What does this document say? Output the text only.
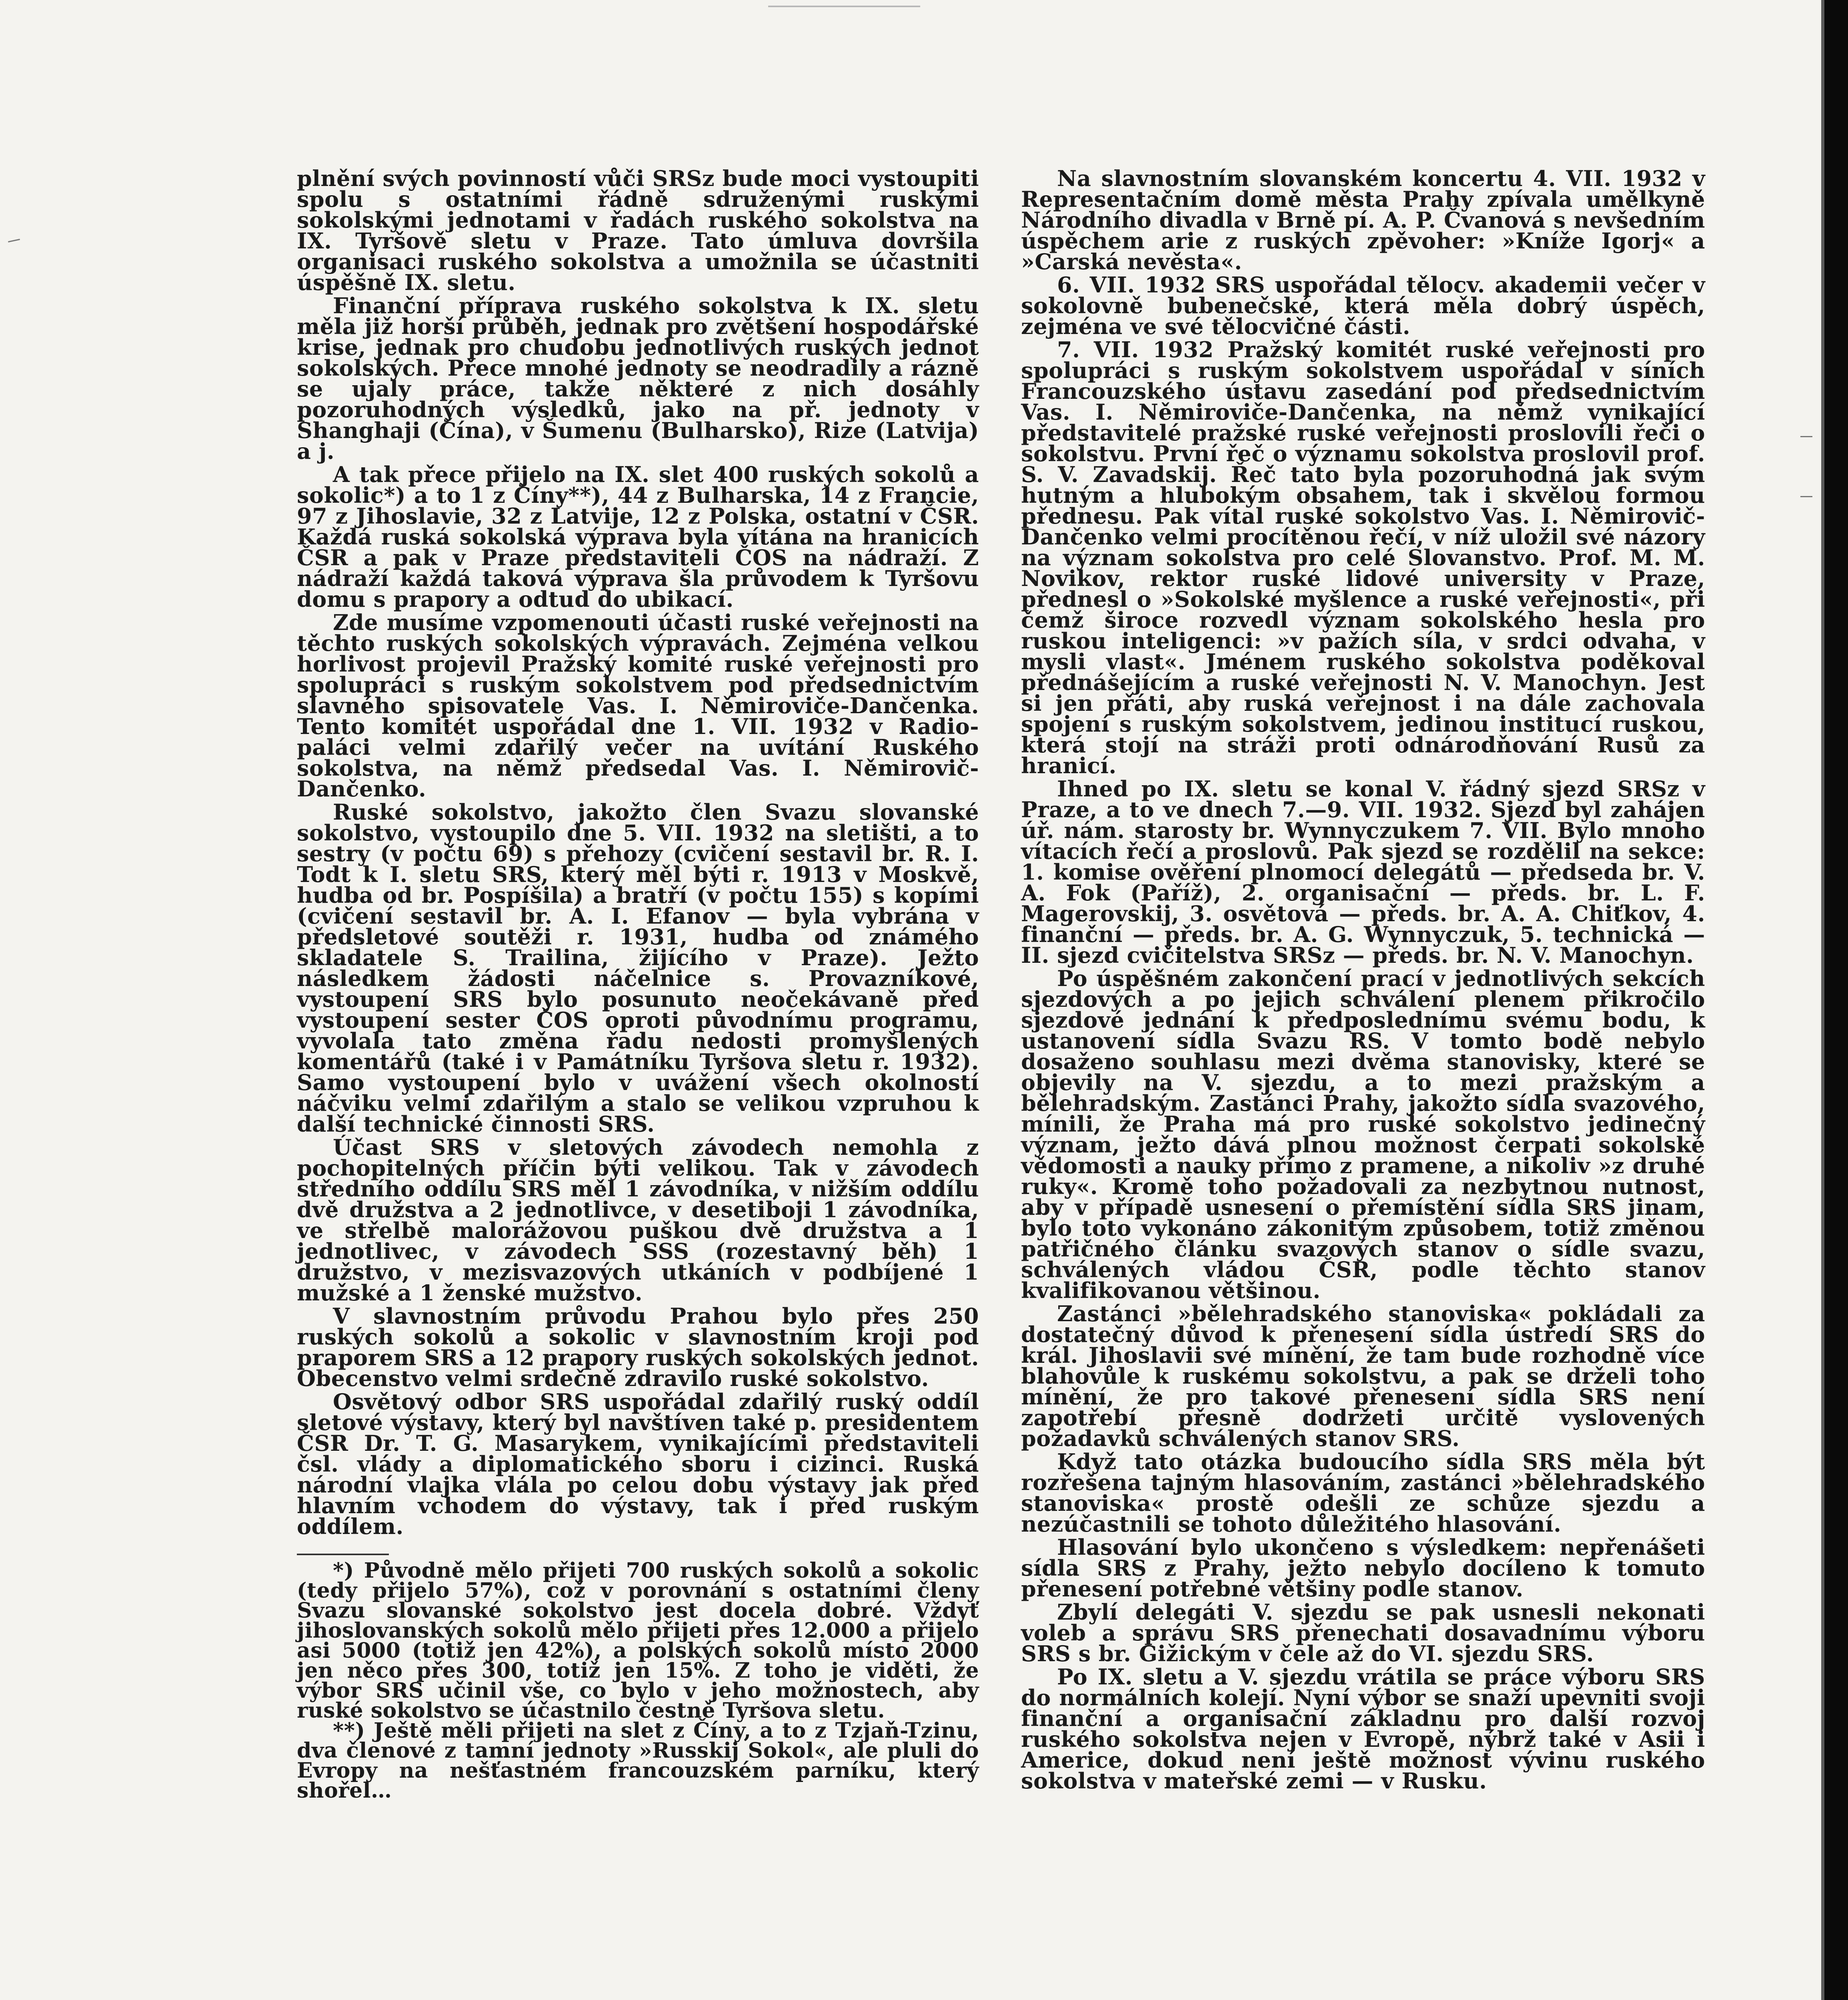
plnění svých povinností vůči SRSz bude moci vystoupiti spolu s ostatními řádně sdruženými ruskými sokolskými jednotami v řadách ruského sokolstva na IX. Tyršově sletu v Praze. Tato úmluva dovršila organisaci ruského sokolstva a umožnila se účastniti úspěšně IX. sletu.

Finanční příprava ruského sokolstva k IX. sletu měla již horší průběh, jednak pro zvětšení hospodářské krise, jednak pro chudobu jednotlivých ruských jednot sokolských. Přece mnohé jednoty se neodradily a rázně se ujaly práce, takže některé z nich dosáhly pozoruhodných výsledků, jako na př. jednoty v Shanghaji (Čína), v Šumenu (Bulharsko), Rize (Latvija) a j.

A tak přece přijelo na IX. slet 400 ruských sokolů a sokolic*) a to 1 z Číny**), 44 z Bulharska, 14 z Francie, 97 z Jihoslavie, 32 z Latvije, 12 z Polska, ostatní v ČSR. Každá ruská sokolská výprava byla vítána na hranicích ČSR a pak v Praze představiteli ČOS na nádraží. Z nádraží každá taková výprava šla průvodem k Tyršovu domu s prapory a odtud do ubikací.

Zde musíme vzpomenouti účasti ruské veřejnosti na těchto ruských sokolských výpravách. Zejména velkou horlivost projevil Pražský komité ruské veřejnosti pro spolupráci s ruským sokolstvem pod předsednictvím slavného spisovatele Vas. I. Němiroviče-Dančenka. Tento komitét uspořádal dne 1. VII. 1932 v Radio-paláci velmi zdařilý večer na uvítání Ruského sokolstva, na němž předsedal Vas. I. Němirovič-Dančenko.

Ruské sokolstvo, jakožto člen Svazu slovanské sokolstvo, vystoupilo dne 5. VII. 1932 na sletišti, a to sestry (v počtu 69) s přehozy (cvičení sestavil br. R. I. Todt k I. sletu SRS, který měl býti r. 1913 v Moskvě, hudba od br. Pospíšila) a bratří (v počtu 155) s kopími (cvičení sestavil br. A. I. Efanov — byla vybrána v předsletové soutěži r. 1931, hudba od známého skladatele S. Trailina, žijícího v Praze). Ježto následkem žádosti náčelnice s. Provazníkové, vystoupení SRS bylo posunuto neočekávaně před vystoupení sester ČOS oproti původnímu programu, vyvolala tato změna řadu nedosti promyšlených komentářů (také i v Památníku Tyršova sletu r. 1932). Samo vystoupení bylo v uvážení všech okolností náčviku velmi zdařilým a stalo se velikou vzpruhou k další technické činnosti SRS.

Účast SRS v sletových závodech nemohla z pochopitelných příčin býti velikou. Tak v závodech středního oddílu SRS měl 1 závodníka, v nižším oddílu dvě družstva a 2 jednotlivce, v desetiboji 1 závodníka, ve střelbě malorážovou puškou dvě družstva a 1 jednotlivec, v závodech SSS (rozestavný běh) 1 družstvo, v mezisvazových utkáních v podbíjené 1 mužské a 1 ženské mužstvo.

V slavnostním průvodu Prahou bylo přes 250 ruských sokolů a sokolic v slavnostním kroji pod praporem SRS a 12 prapory ruských sokolských jednot. Obecenstvo velmi srdečně zdravilo ruské sokolstvo.

Osvětový odbor SRS uspořádal zdařilý ruský oddíl sletové výstavy, který byl navštíven také p. presidentem ČSR Dr. T. G. Masarykem, vynikajícími představiteli čsl. vlády a diplomatického sboru i cizinci. Ruská národní vlajka vlála po celou dobu výstavy jak před hlavním vchodem do výstavy, tak i před ruským oddílem.

*) Původně mělo přijeti 700 ruských sokolů a sokolic (tedy přijelo 57%), což v porovnání s ostatními členy Svazu slovanské sokolstvo jest docela dobré. Vždyť jihoslovanských sokolů mělo přijeti přes 12.000 a přijelo asi 5000 (totiž jen 42%), a polských sokolů místo 2000 jen něco přes 300, totiž jen 15%. Z toho je viděti, že výbor SRS učinil vše, co bylo v jeho možnostech, aby ruské sokolstvo se účastnilo čestně Tyršova sletu.

**) Ještě měli přijeti na slet z Číny, a to z Tzjaň-Tzinu, dva členové z tamní jednoty »Russkij Sokol«, ale pluli do Evropy na nešťastném francouzském parníku, který shořel…

Na slavnostním slovanském koncertu 4. VII. 1932 v Representačním domě města Prahy zpívala umělkyně Národního divadla v Brně pí. A. P. Čvanová s nevšedním úspěchem arie z ruských zpěvoher: »Kníže Igorj« a »Carská nevěsta«.

6. VII. 1932 SRS uspořádal tělocv. akademii večer v sokolovně bubenečské, která měla dobrý úspěch, zejména ve své tělocvičné části.

7. VII. 1932 Pražský komitét ruské veřejnosti pro spolupráci s ruským sokolstvem uspořádal v síních Francouzského ústavu zasedání pod předsednictvím Vas. I. Němiroviče-Dančenka, na němž vynikající představitelé pražské ruské veřejnosti proslovili řeči o sokolstvu. První řeč o významu sokolstva proslovil prof. S. V. Zavadskij. Řeč tato byla pozoruhodná jak svým hutným a hlubokým obsahem, tak i skvělou formou přednesu. Pak vítal ruské sokolstvo Vas. I. Němirovič-Dančenko velmi procítěnou řečí, v níž uložil své názory na význam sokolstva pro celé Slovanstvo. Prof. M. M. Novikov, rektor ruské lidové university v Praze, přednesl o »Sokolské myšlence a ruské veřejnosti«, při čemž široce rozvedl význam sokolského hesla pro ruskou inteligenci: »v pažích síla, v srdci odvaha, v mysli vlast«. Jménem ruského sokolstva poděkoval přednášejícím a ruské veřejnosti N. V. Manochyn. Jest si jen přáti, aby ruská veřejnost i na dále zachovala spojení s ruským sokolstvem, jedinou institucí ruskou, která stojí na stráži proti odnárodňování Rusů za hranicí.

Ihned po IX. sletu se konal V. řádný sjezd SRSz v Praze, a to ve dnech 7.—9. VII. 1932. Sjezd byl zahájen úř. nám. starosty br. Wynnyczukem 7. VII. Bylo mnoho vítacích řečí a proslovů. Pak sjezd se rozdělil na sekce: 1. komise ověření plnomocí delegátů — předseda br. V. A. Fok (Paříž), 2. organisační — předs. br. L. F. Magerovskij, 3. osvětová — předs. br. A. A. Chiťkov, 4. finanční — předs. br. A. G. Wynnyczuk, 5. technická — II. sjezd cvičitelstva SRSz — předs. br. N. V. Manochyn.

Po úspěšném zakončení prací v jednotlivých sekcích sjezdových a po jejich schválení plenem přikročilo sjezdové jednání k předposlednímu svému bodu, k ustanovení sídla Svazu RS. V tomto bodě nebylo dosaženo souhlasu mezi dvěma stanovisky, které se objevily na V. sjezdu, a to mezi pražským a bělehradským. Zastánci Prahy, jakožto sídla svazového, mínili, že Praha má pro ruské sokolstvo jedinečný význam, ježto dává plnou možnost čerpati sokolské vědomosti a nauky přímo z pramene, a nikoliv »z druhé ruky«. Kromě toho požadovali za nezbytnou nutnost, aby v případě usnesení o přemístění sídla SRS jinam, bylo toto vykonáno zákonitým způsobem, totiž změnou patřičného článku svazových stanov o sídle svazu, schválených vládou ČSR, podle těchto stanov kvalifikovanou většinou.

Zastánci »bělehradského stanoviska« pokládali za dostatečný důvod k přenesení sídla ústředí SRS do král. Jihoslavii své mínění, že tam bude rozhodně více blahovůle k ruskému sokolstvu, a pak se drželi toho mínění, že pro takové přenesení sídla SRS není zapotřebí přesně dodržeti určitě vyslovených požadavků schválených stanov SRS.

Když tato otázka budoucího sídla SRS měla být rozřešena tajným hlasováním, zastánci »bělehradského stanoviska« prostě odešli ze schůze sjezdu a nezúčastnili se tohoto důležitého hlasování.

Hlasování bylo ukončeno s výsledkem: nepřenášeti sídla SRS z Prahy, ježto nebylo docíleno k tomuto přenesení potřebné většiny podle stanov.

Zbylí delegáti V. sjezdu se pak usnesli nekonati voleb a správu SRS přenechati dosavadnímu výboru SRS s br. Gižickým v čele až do VI. sjezdu SRS.

Po IX. sletu a V. sjezdu vrátila se práce výboru SRS do normálních kolejí. Nyní výbor se snaží upevniti svoji finanční a organisační základnu pro další rozvoj ruského sokolstva nejen v Evropě, nýbrž také v Asii i Americe, dokud není ještě možnost vývinu ruského sokolstva v mateřské zemi — v Rusku.
